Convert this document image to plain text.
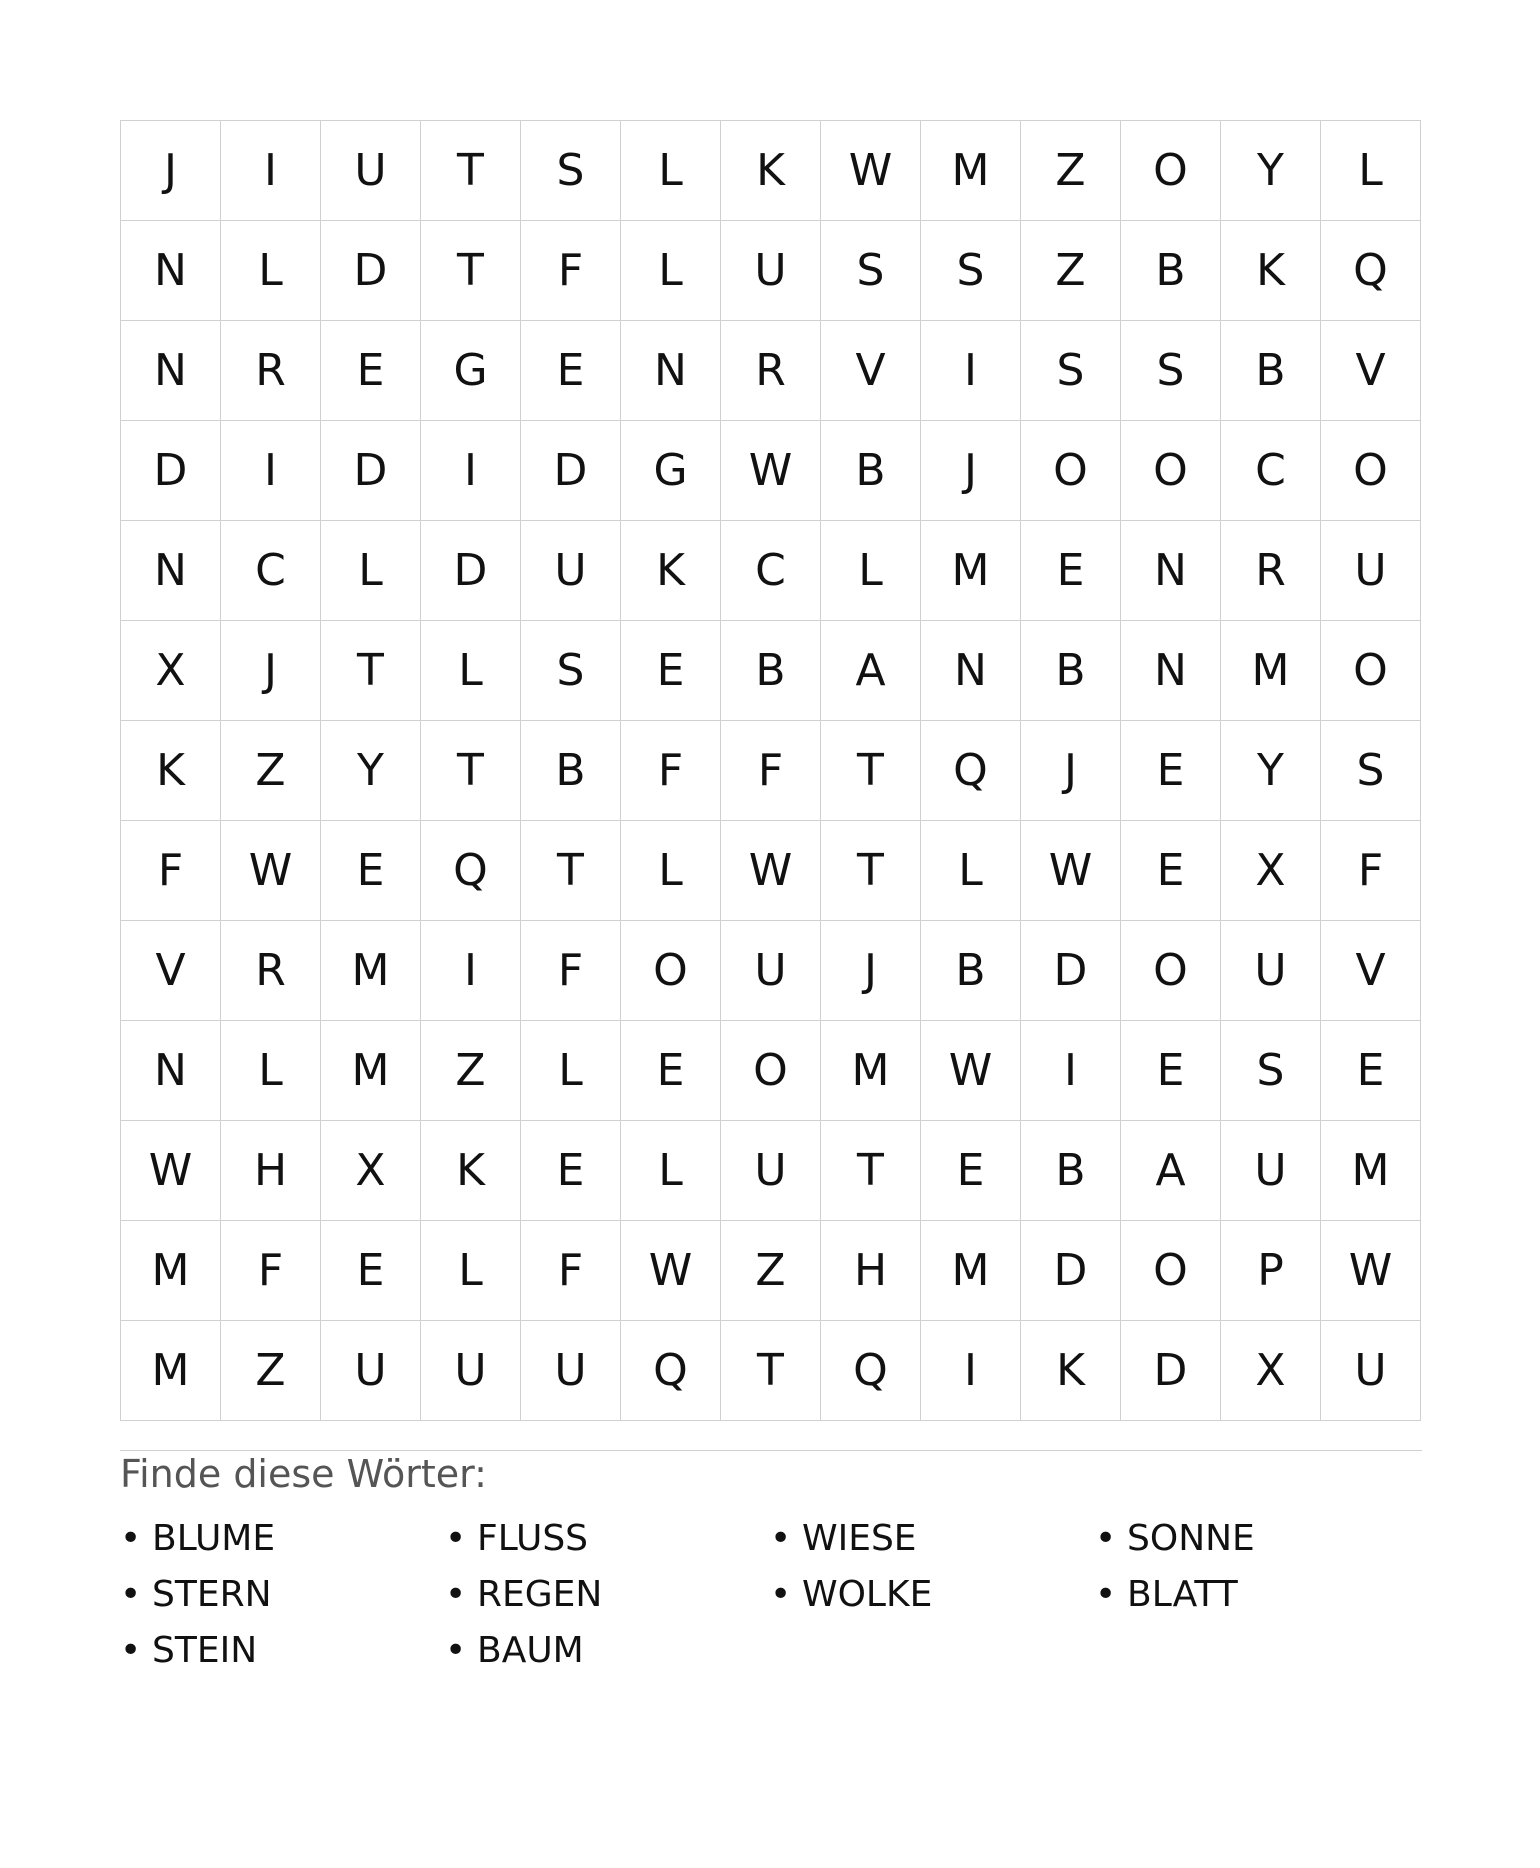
J	I	U	T	S	L	K	W	M	Z	O	Y	L
N	L	D	T	F	L	U	S	S	Z	B	K	Q
N	R	E	G	E	N	R	V	I	S	S	B	V
D	I	D	I	D	G	W	B	J	O	O	C	O
N	C	L	D	U	K	C	L	M	E	N	R	U
X	J	T	L	S	E	B	A	N	B	N	M	O
K	Z	Y	T	B	F	F	T	Q	J	E	Y	S
F	W	E	Q	T	L	W	T	L	W	E	X	F
V	R	M	I	F	O	U	J	B	D	O	U	V
N	L	M	Z	L	E	O	M	W	I	E	S	E
W	H	X	K	E	L	U	T	E	B	A	U	M
M	F	E	L	F	W	Z	H	M	D	O	P	W
M	Z	U	U	U	Q	T	Q	I	K	D	X	U
Finde diese Wörter:
• BLUME	• FLUSS	• WIESE	• SONNE
• STERN	• REGEN	• WOLKE	• BLATT
• STEIN	• BAUM
